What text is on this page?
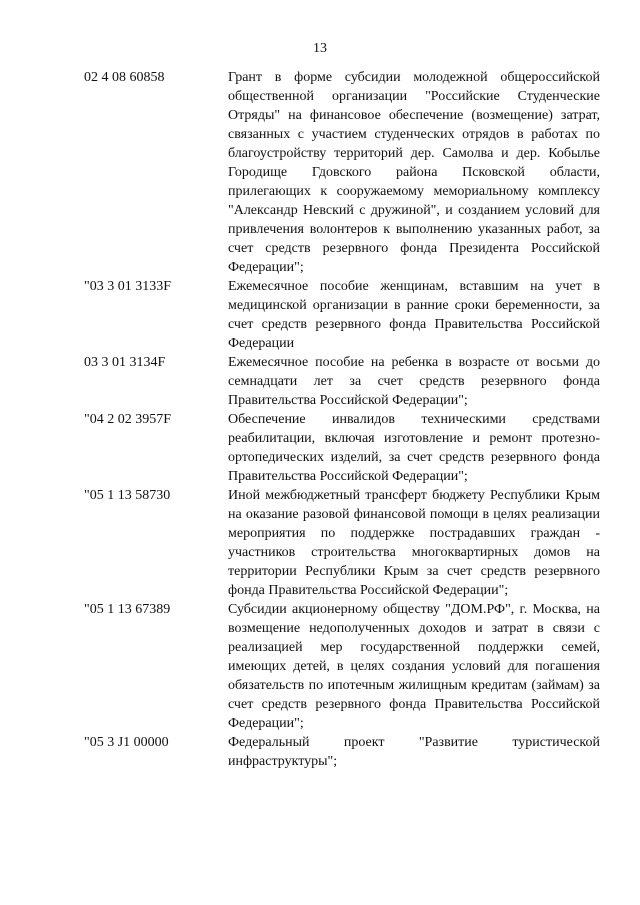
13
02 4 08 60858	Грант в форме субсидии молодежной общероссийской общественной организации "Российские Студенческие Отряды" на финансовое обеспечение (возмещение) затрат, связанных с участием студенческих отрядов в работах по благоустройству территорий дер. Самолва и дер. Кобылье Городище Гдовского района Псковской области, прилегающих к сооружаемому мемориальному комплексу "Александр Невский с дружиной", и созданием условий для привлечения волонтеров к выполнению указанных работ, за счет средств резервного фонда Президента Российской Федерации";
"03 3 01 3133F	Ежемесячное пособие женщинам, вставшим на учет в медицинской организации в ранние сроки беременности, за счет средств резервного фонда Правительства Российской Федерации
03 3 01 3134F	Ежемесячное пособие на ребенка в возрасте от восьми до семнадцати лет за счет средств резервного фонда Правительства Российской Федерации";
"04 2 02 3957F	Обеспечение инвалидов техническими средствами реабилитации, включая изготовление и ремонт протезно-ортопедических изделий, за счет средств резервного фонда Правительства Российской Федерации";
"05 1 13 58730	Иной межбюджетный трансферт бюджету Республики Крым на оказание разовой финансовой помощи в целях реализации мероприятия по поддержке пострадавших граждан - участников строительства многоквартирных домов на территории Республики Крым за счет средств резервного фонда Правительства Российской Федерации";
"05 1 13 67389	Субсидии акционерному обществу "ДОМ.РФ", г. Москва, на возмещение недополученных доходов и затрат в связи с реализацией мер государственной поддержки семей, имеющих детей, в целях создания условий для погашения обязательств по ипотечным жилищным кредитам (займам) за счет средств резервного фонда Правительства Российской Федерации";
"05 3 J1 00000	Федеральный проект "Развитие туристической инфраструктуры";
